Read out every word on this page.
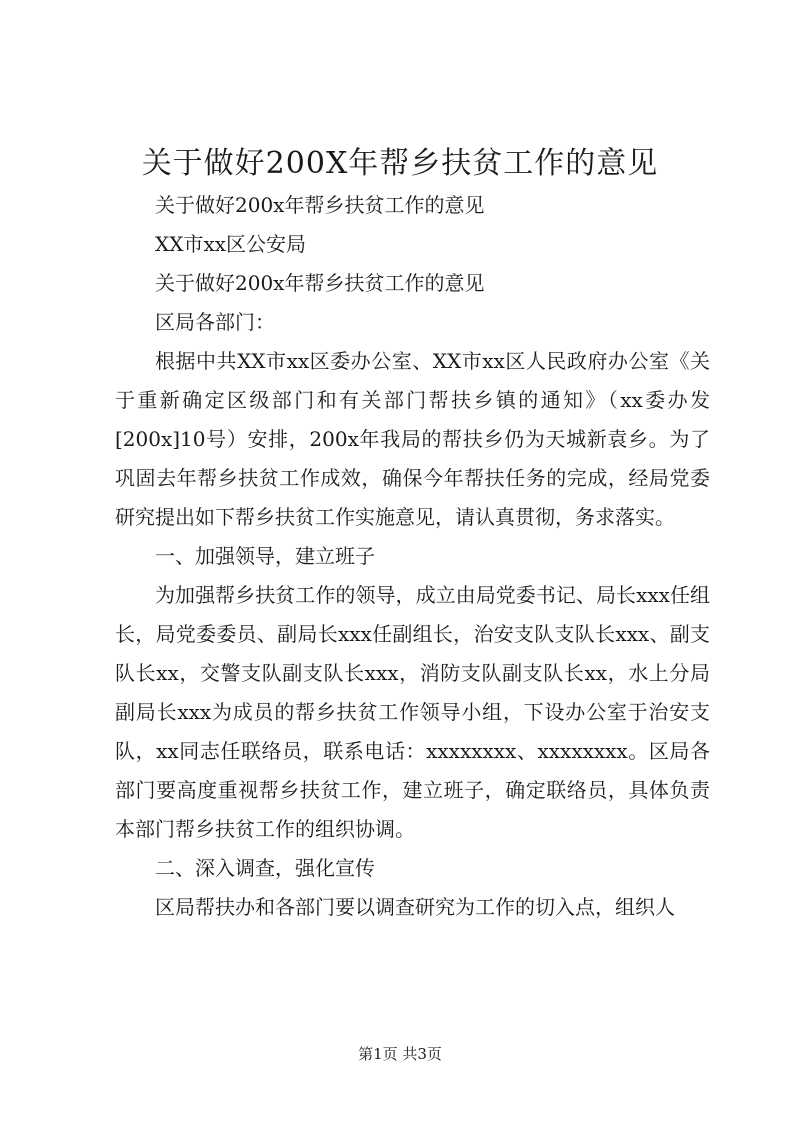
关于做好200X年帮乡扶贫工作的意见

关于做好200x年帮乡扶贫工作的意见

XX市xx区公安局

关于做好200x年帮乡扶贫工作的意见

区局各部门：

根据中共XX市xx区委办公室、XX市xx区人民政府办公室《关于重新确定区级部门和有关部门帮扶乡镇的通知》（xx委办发[200x]10号）安排，200x年我局的帮扶乡仍为天城新袁乡。为了巩固去年帮乡扶贫工作成效，确保今年帮扶任务的完成，经局党委研究提出如下帮乡扶贫工作实施意见，请认真贯彻，务求落实。

一、加强领导，建立班子

为加强帮乡扶贫工作的领导，成立由局党委书记、局长xxx任组长，局党委委员、副局长xxx任副组长，治安支队支队长xxx、副支队长xx，交警支队副支队长xxx，消防支队副支队长xx，水上分局副局长xxx为成员的帮乡扶贫工作领导小组，下设办公室于治安支队，xx同志任联络员，联系电话：xxxxxxxx、xxxxxxxx。区局各部门要高度重视帮乡扶贫工作，建立班子，确定联络员，具体负责本部门帮乡扶贫工作的组织协调。

二、深入调查，强化宣传

区局帮扶办和各部门要以调查研究为工作的切入点，组织人

第1页 共3页
